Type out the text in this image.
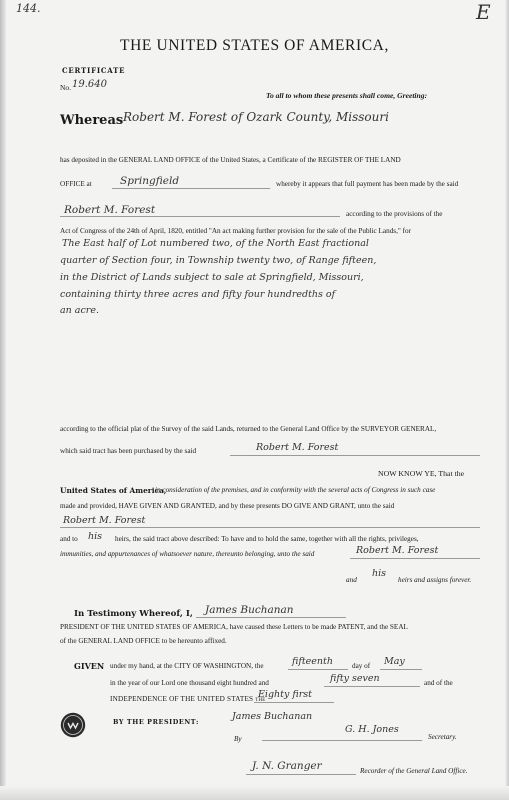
144.	E
THE UNITED STATES OF AMERICA,
CERTIFICATE
No. 19.640
To all to whom these presents shall come, Greeting:
Whereas Robert M. Forest of Ozark County, Missouri
has deposited in the GENERAL LAND OFFICE of the United States, a Certificate of the REGISTER OF THE LAND
OFFICE at	Springfield	whereby it appears that full payment has been made by the said
Robert M. Forest	according to the provisions of the
Act of Congress of the 24th of April, 1820, entitled "An act making further provision for the sale of the Public Lands," for
The East half of Lot numbered two, of the North East fractional
quarter of Section four, in Township twenty two, of Range fifteen,
in the District of Lands subject to sale at Springfield, Missouri,
containing thirty three acres and fifty four hundredths of
an acre.
according to the official plat of the Survey of the said Lands, returned to the General Land Office by the SURVEYOR GENERAL,
which said tract has been purchased by the said	Robert M. Forest
NOW KNOW YE, That the
United States of America,
in consideration of the premises, and in conformity with the several acts of Congress in such case
made and provided, HAVE GIVEN AND GRANTED, and by these presents DO GIVE AND GRANT, unto the said
Robert M. Forest
and to his heirs, the said tract above described: To have and to hold the same, together with all the rights, privileges,
immunities, and appurtenances of whatsoever nature, thereunto belonging, unto the said	Robert M. Forest
and
his
heirs and assigns forever.
In Testimony Whereof, I, James Buchanan
PRESIDENT OF THE UNITED STATES OF AMERICA, have caused these Letters to be made PATENT, and the SEAL
of the GENERAL LAND OFFICE to be hereunto affixed.
GIVEN under my hand, at the CITY OF WASHINGTON, the	fifteenth	day of May
in the year of our Lord one thousand eight hundred and	fifty seven	and of the
INDEPENDENCE OF THE UNITED STATES the
Eighty first
BY THE PRESIDENT:	James Buchanan
By
G. H. Jones
Secretary.
J. N. Granger	Recorder of the General Land Office.
